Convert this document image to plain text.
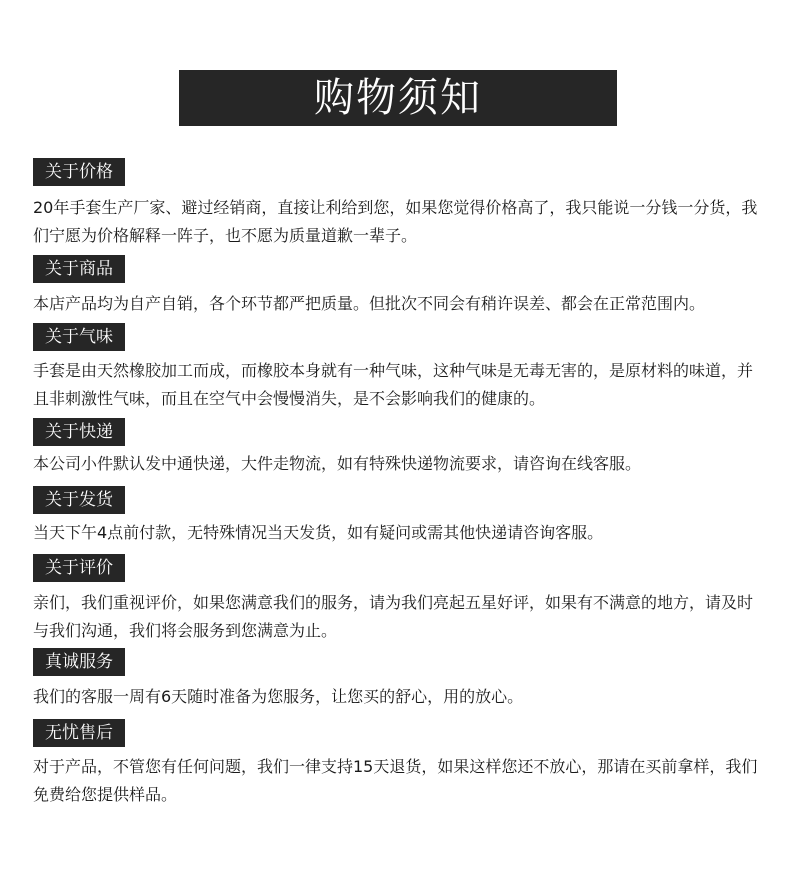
购物须知
关于价格

20年手套生产厂家、避过经销商，直接让利给到您，如果您觉得价格高了，我只能说一分钱一分货，我们宁愿为价格解释一阵子，也不愿为质量道歉一辈子。

关于商品

本店产品均为自产自销，各个环节都严把质量。但批次不同会有稍许误差、都会在正常范围内。

关于气味

手套是由天然橡胶加工而成，而橡胶本身就有一种气味，这种气味是无毒无害的，是原材料的味道，并且非刺激性气味，而且在空气中会慢慢消失，是不会影响我们的健康的。

关于快递

本公司小件默认发中通快递，大件走物流，如有特殊快递物流要求，请咨询在线客服。

关于发货

当天下午4点前付款，无特殊情况当天发货，如有疑问或需其他快递请咨询客服。

关于评价

亲们，我们重视评价，如果您满意我们的服务，请为我们亮起五星好评，如果有不满意的地方，请及时与我们沟通，我们将会服务到您满意为止。

真诚服务

我们的客服一周有6天随时准备为您服务，让您买的舒心，用的放心。

无忧售后

对于产品，不管您有任何问题，我们一律支持15天退货，如果这样您还不放心，那请在买前拿样，我们免费给您提供样品。
